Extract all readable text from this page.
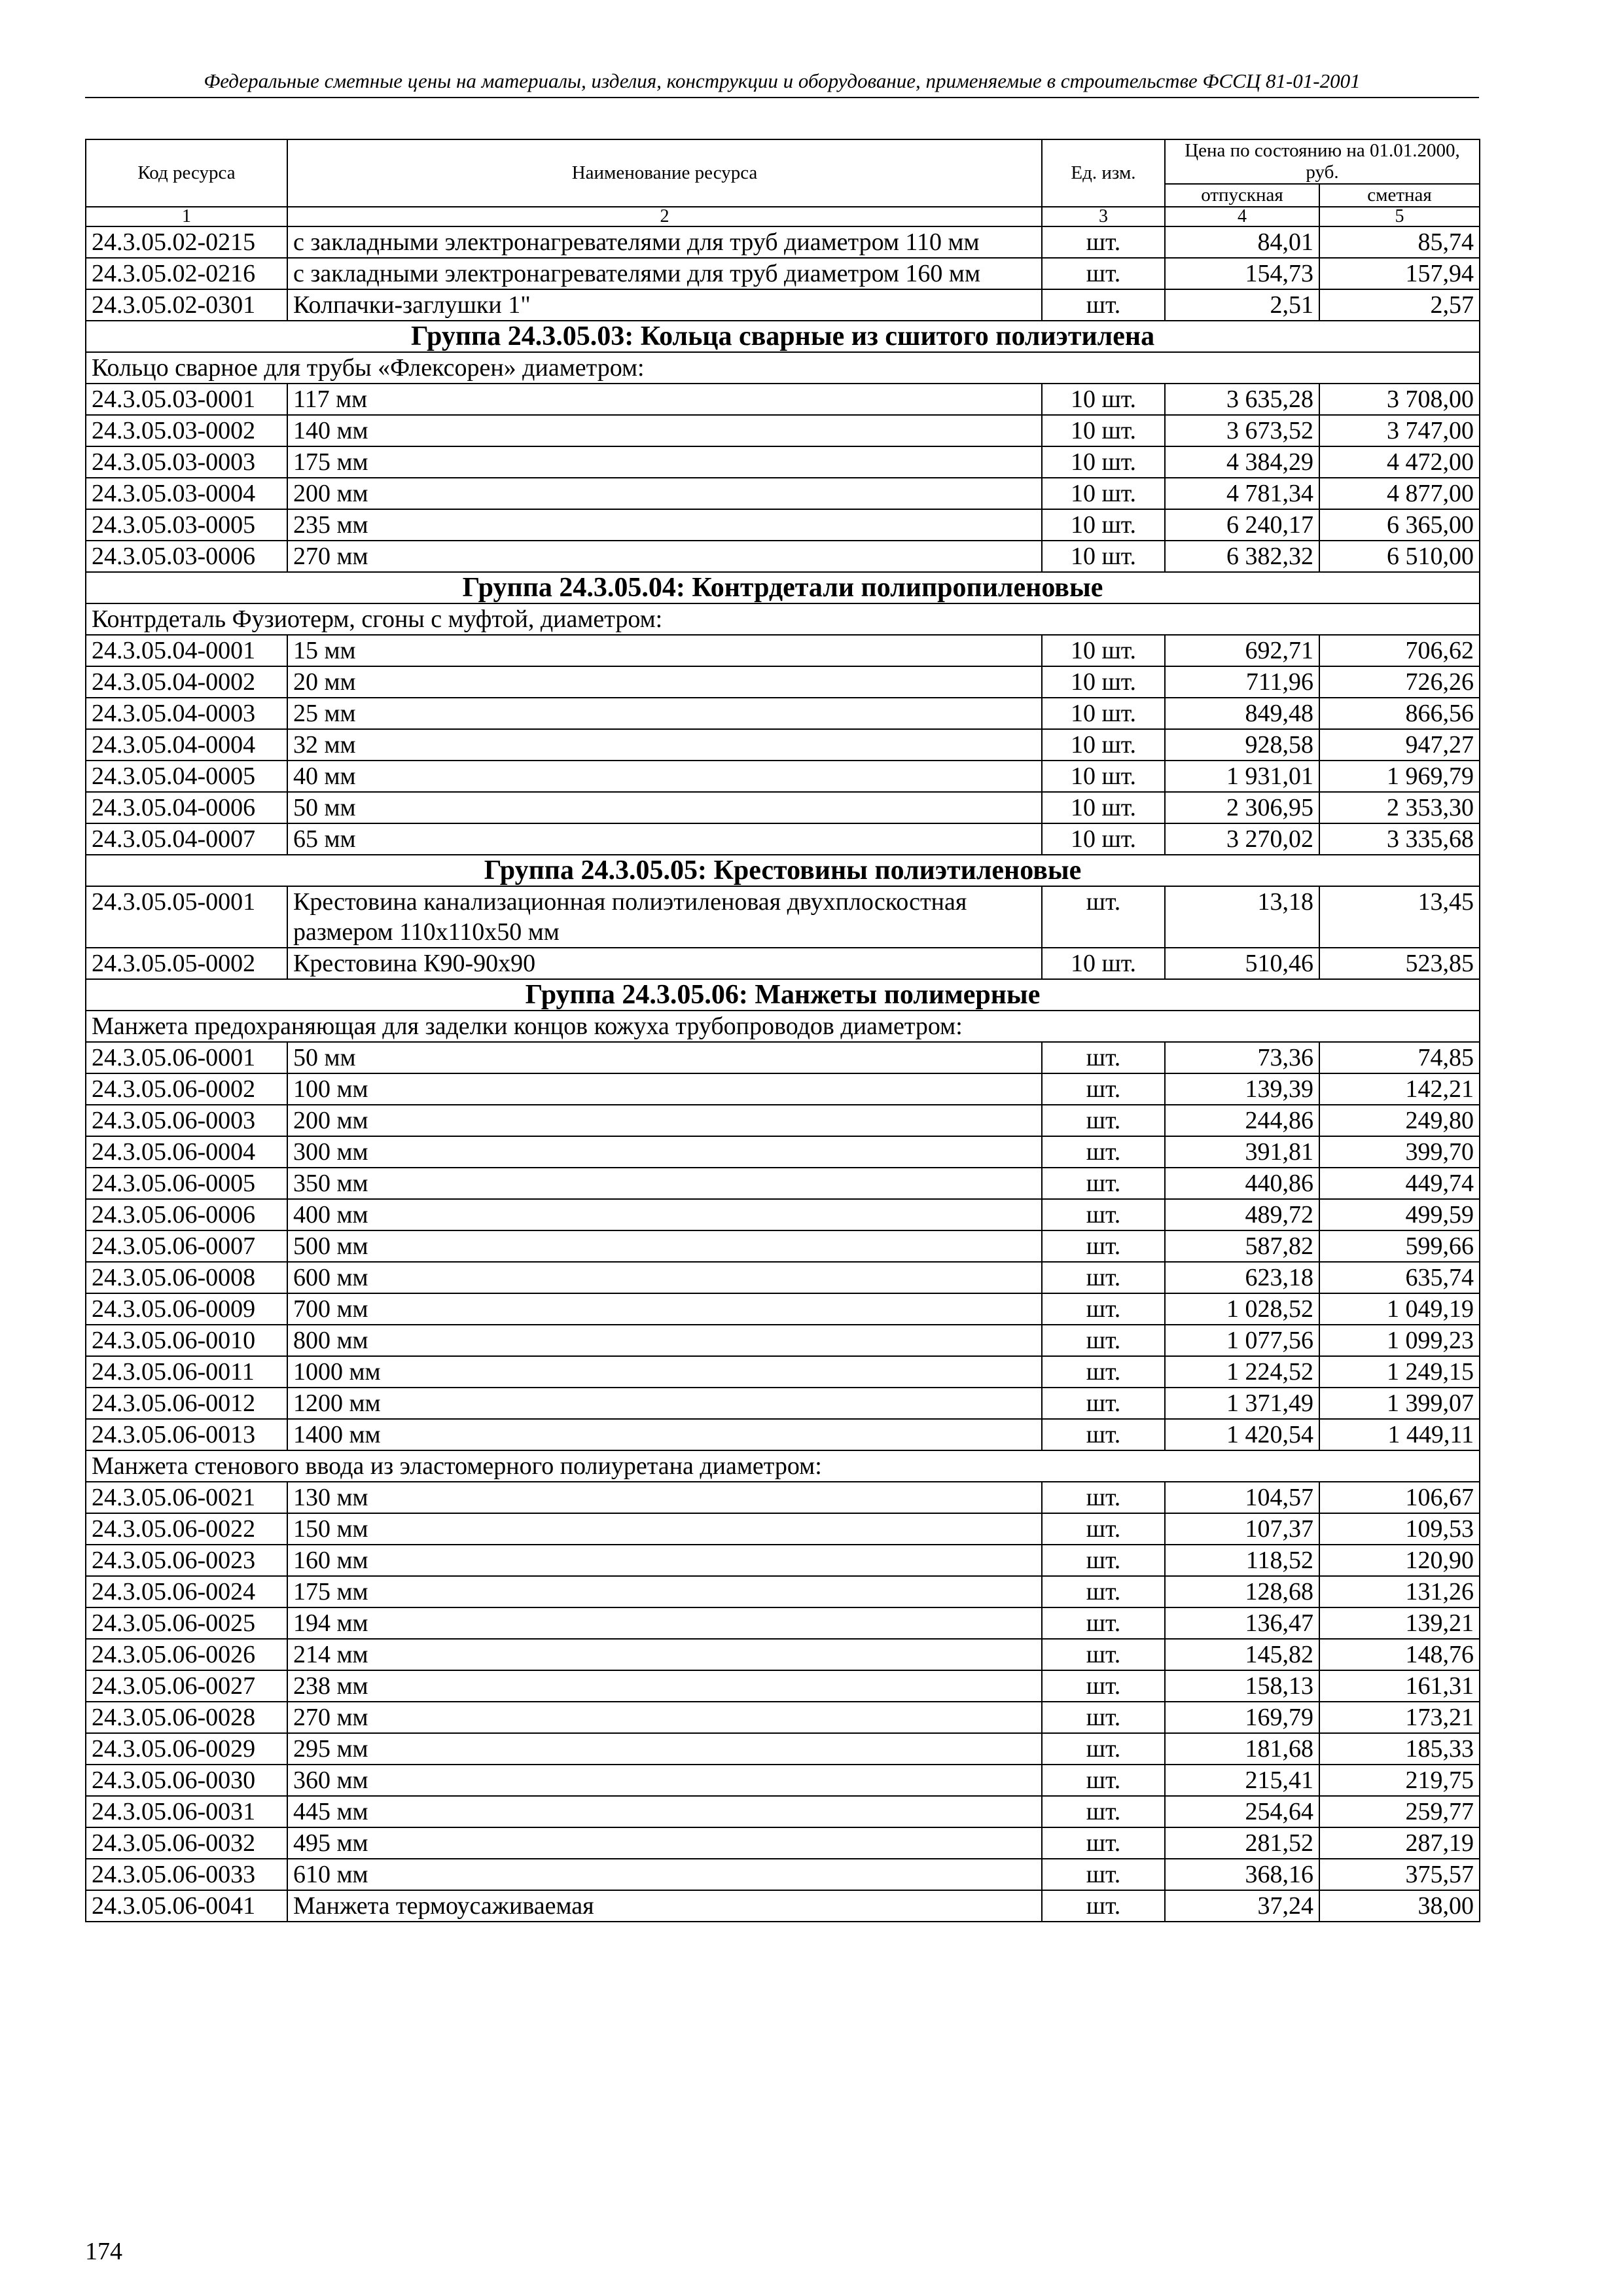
Федеральные сметные цены на материалы, изделия, конструкции и оборудование, применяемые в строительстве ФССЦ 81-01-2001
Код ресурса	Наименование ресурса	Ед. изм.	Цена по состоянию на 01.01.2000, руб.	
			отпускная	сметная
1	2	3	4	5
24.3.05.02-0215	с закладными электронагревателями для труб диаметром 110 мм	шт.	84,01	85,74
24.3.05.02-0216	с закладными электронагревателями для труб диаметром 160 мм	шт.	154,73	157,94
24.3.05.02-0301	Колпачки-заглушки 1"	шт.	2,51	2,57
Группа 24.3.05.03: Кольца сварные из сшитого полиэтилена				
Кольцо сварное для трубы «Флексорен» диаметром:				
24.3.05.03-0001	117 мм	10 шт.	3 635,28	3 708,00
24.3.05.03-0002	140 мм	10 шт.	3 673,52	3 747,00
24.3.05.03-0003	175 мм	10 шт.	4 384,29	4 472,00
24.3.05.03-0004	200 мм	10 шт.	4 781,34	4 877,00
24.3.05.03-0005	235 мм	10 шт.	6 240,17	6 365,00
24.3.05.03-0006	270 мм	10 шт.	6 382,32	6 510,00
Группа 24.3.05.04: Контрдетали полипропиленовые				
Контрдеталь Фузиотерм, сгоны с муфтой, диаметром:				
24.3.05.04-0001	15 мм	10 шт.	692,71	706,62
24.3.05.04-0002	20 мм	10 шт.	711,96	726,26
24.3.05.04-0003	25 мм	10 шт.	849,48	866,56
24.3.05.04-0004	32 мм	10 шт.	928,58	947,27
24.3.05.04-0005	40 мм	10 шт.	1 931,01	1 969,79
24.3.05.04-0006	50 мм	10 шт.	2 306,95	2 353,30
24.3.05.04-0007	65 мм	10 шт.	3 270,02	3 335,68
Группа 24.3.05.05: Крестовины полиэтиленовые				
24.3.05.05-0001	Крестовина канализационная полиэтиленовая двухплоскостная размером 110x110x50 мм	шт.	13,18	13,45
24.3.05.05-0002	Крестовина К90-90х90	10 шт.	510,46	523,85
Группа 24.3.05.06: Манжеты полимерные				
Манжета предохраняющая для заделки концов кожуха трубопроводов диаметром:				
24.3.05.06-0001	50 мм	шт.	73,36	74,85
24.3.05.06-0002	100 мм	шт.	139,39	142,21
24.3.05.06-0003	200 мм	шт.	244,86	249,80
24.3.05.06-0004	300 мм	шт.	391,81	399,70
24.3.05.06-0005	350 мм	шт.	440,86	449,74
24.3.05.06-0006	400 мм	шт.	489,72	499,59
24.3.05.06-0007	500 мм	шт.	587,82	599,66
24.3.05.06-0008	600 мм	шт.	623,18	635,74
24.3.05.06-0009	700 мм	шт.	1 028,52	1 049,19
24.3.05.06-0010	800 мм	шт.	1 077,56	1 099,23
24.3.05.06-0011	1000 мм	шт.	1 224,52	1 249,15
24.3.05.06-0012	1200 мм	шт.	1 371,49	1 399,07
24.3.05.06-0013	1400 мм	шт.	1 420,54	1 449,11
Манжета стенового ввода из эластомерного полиуретана диаметром:				
24.3.05.06-0021	130 мм	шт.	104,57	106,67
24.3.05.06-0022	150 мм	шт.	107,37	109,53
24.3.05.06-0023	160 мм	шт.	118,52	120,90
24.3.05.06-0024	175 мм	шт.	128,68	131,26
24.3.05.06-0025	194 мм	шт.	136,47	139,21
24.3.05.06-0026	214 мм	шт.	145,82	148,76
24.3.05.06-0027	238 мм	шт.	158,13	161,31
24.3.05.06-0028	270 мм	шт.	169,79	173,21
24.3.05.06-0029	295 мм	шт.	181,68	185,33
24.3.05.06-0030	360 мм	шт.	215,41	219,75
24.3.05.06-0031	445 мм	шт.	254,64	259,77
24.3.05.06-0032	495 мм	шт.	281,52	287,19
24.3.05.06-0033	610 мм	шт.	368,16	375,57
24.3.05.06-0041	Манжета термоусаживаемая	шт.	37,24	38,00
174
